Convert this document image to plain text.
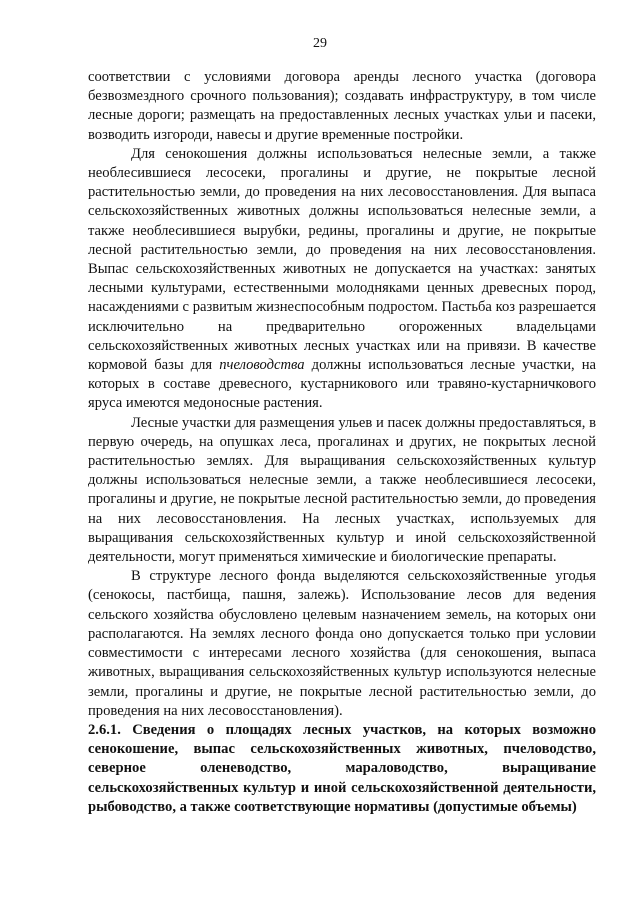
29

соответствии с условиями договора аренды лесного участка (договора безвозмездного срочного пользования); создавать инфраструктуру, в том числе лесные дороги; размещать на предоставленных лесных участках ульи и пасеки, возводить изгороди, навесы и другие временные постройки.

Для сенокошения должны использоваться нелесные земли, а также необлесившиеся лесосеки, прогалины и другие, не покрытые лесной растительностью земли, до проведения на них лесовосстановления. Для выпаса сельскохозяйственных животных должны использоваться нелесные земли, а также необлесившиеся вырубки, редины, прогалины и другие, не покрытые лесной растительностью земли, до проведения на них лесовосстановления. Выпас сельскохозяйственных животных не допускается на участках: занятых лесными культурами, естественными молодняками ценных древесных пород, насаждениями с развитым жизнеспособным подростом. Пастьба коз разрешается исключительно на предварительно огороженных владельцами сельскохозяйственных животных лесных участках или на привязи. В качестве кормовой базы для пчеловодства должны использоваться лесные участки, на которых в составе древесного, кустарникового или травяно-кустарничкового яруса имеются медоносные растения.

Лесные участки для размещения ульев и пасек должны предоставляться, в первую очередь, на опушках леса, прогалинах и других, не покрытых лесной растительностью землях. Для выращивания сельскохозяйственных культур должны использоваться нелесные земли, а также необлесившиеся лесосеки, прогалины и другие, не покрытые лесной растительностью земли, до проведения на них лесовосстановления. На лесных участках, используемых для выращивания сельскохозяйственных культур и иной сельскохозяйственной деятельности, могут применяться химические и биологические препараты.

В структуре лесного фонда выделяются сельскохозяйственные угодья (сенокосы, пастбища, пашня, залежь). Использование лесов для ведения сельского хозяйства обусловлено целевым назначением земель, на которых они располагаются. На землях лесного фонда оно допускается только при условии совместимости с интересами лесного хозяйства (для сенокошения, выпаса животных, выращивания сельскохозяйственных культур используются нелесные земли, прогалины и другие, не покрытые лесной растительностью земли, до проведения на них лесовосстановления).

2.6.1. Сведения о площадях лесных участков, на которых возможно сенокошение, выпас сельскохозяйственных животных, пчеловодство, северное оленеводство, мараловодство, выращивание сельскохозяйственных культур и иной сельскохозяйственной деятельности, рыбоводство, а также соответствующие нормативы (допустимые объемы)
